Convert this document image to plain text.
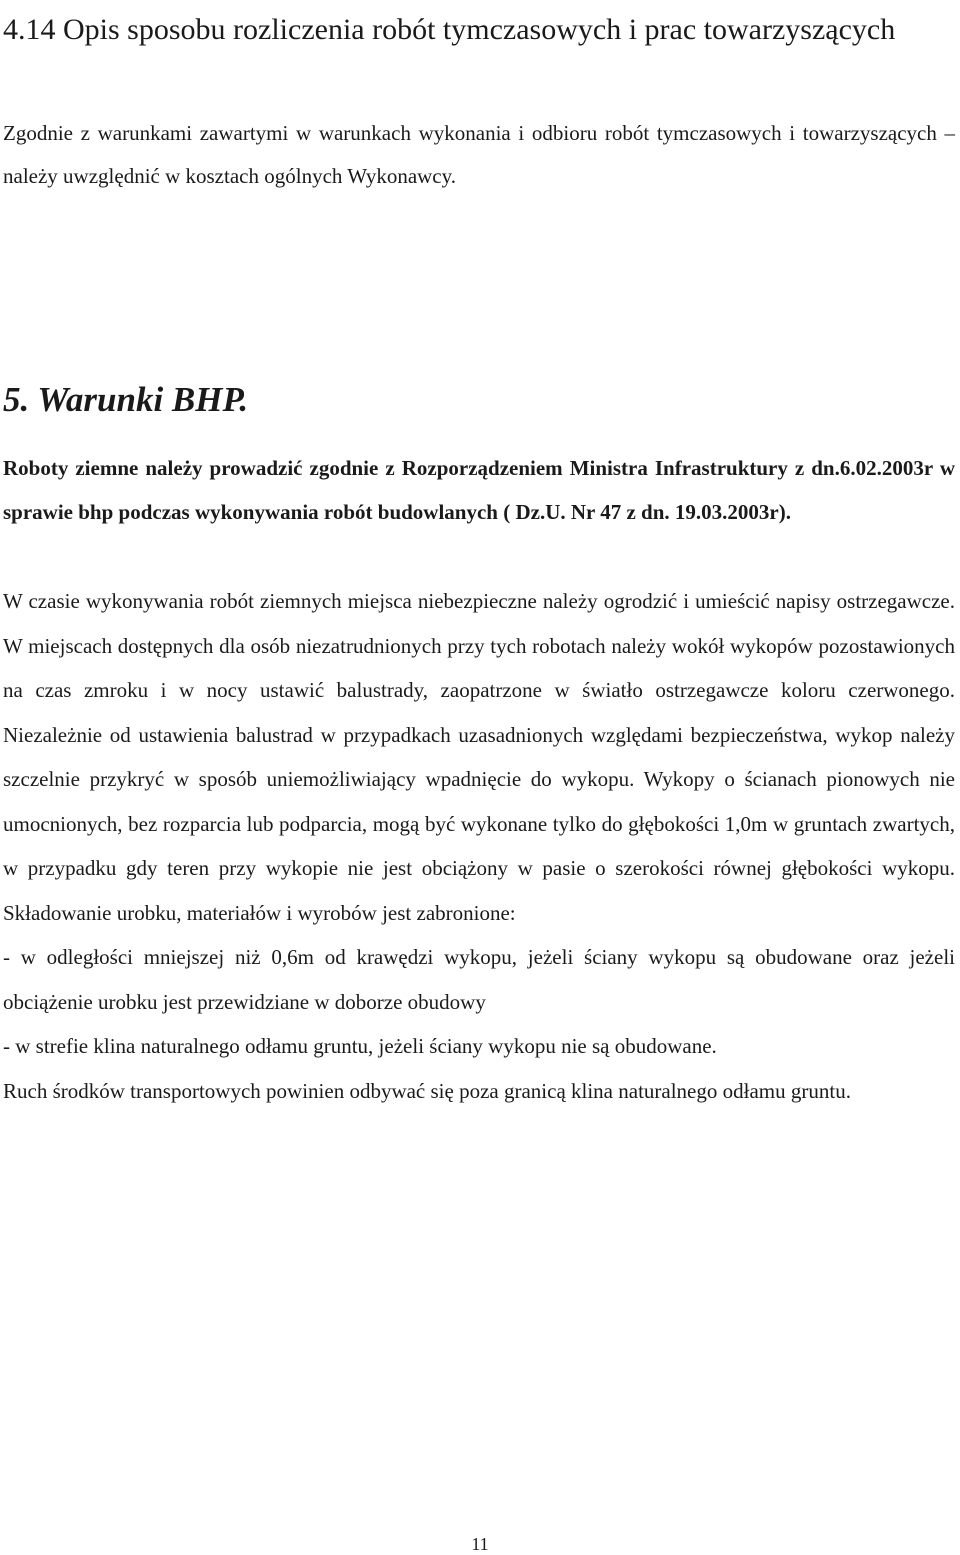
4.14 Opis sposobu rozliczenia robót tymczasowych i prac towarzyszących

Zgodnie z warunkami zawartymi w warunkach wykonania i odbioru robót tymczasowych i towarzyszących –należy uwzględnić w kosztach ogólnych Wykonawcy.

5. Warunki BHP.

Roboty ziemne należy prowadzić zgodnie z Rozporządzeniem Ministra Infrastruktury z dn.6.02.2003r w sprawie bhp podczas wykonywania robót budowlanych ( Dz.U. Nr 47 z dn. 19.03.2003r).

W czasie wykonywania robót ziemnych miejsca niebezpieczne należy ogrodzić i umieścić napisy ostrzegawcze. W miejscach dostępnych dla osób niezatrudnionych przy tych robotach należy wokół wykopów pozostawionych na czas zmroku i w nocy ustawić balustrady, zaopatrzone w światło ostrzegawcze koloru czerwonego. Niezależnie od ustawienia balustrad w przypadkach uzasadnionych względami bezpieczeństwa, wykop należy szczelnie przykryć w sposób uniemożliwiający wpadnięcie do wykopu. Wykopy o ścianach pionowych nie umocnionych, bez rozparcia lub podparcia, mogą być wykonane tylko do głębokości 1,0m w gruntach zwartych, w przypadku gdy teren przy wykopie nie jest obciążony w pasie o szerokości równej głębokości wykopu. Składowanie urobku, materiałów i wyrobów jest zabronione:

- w odległości mniejszej niż 0,6m od krawędzi wykopu, jeżeli ściany wykopu są obudowane oraz jeżeli obciążenie urobku jest przewidziane w doborze obudowy

- w strefie klina naturalnego odłamu gruntu, jeżeli ściany wykopu nie są obudowane.

Ruch środków transportowych powinien odbywać się poza granicą klina naturalnego odłamu gruntu.

11
